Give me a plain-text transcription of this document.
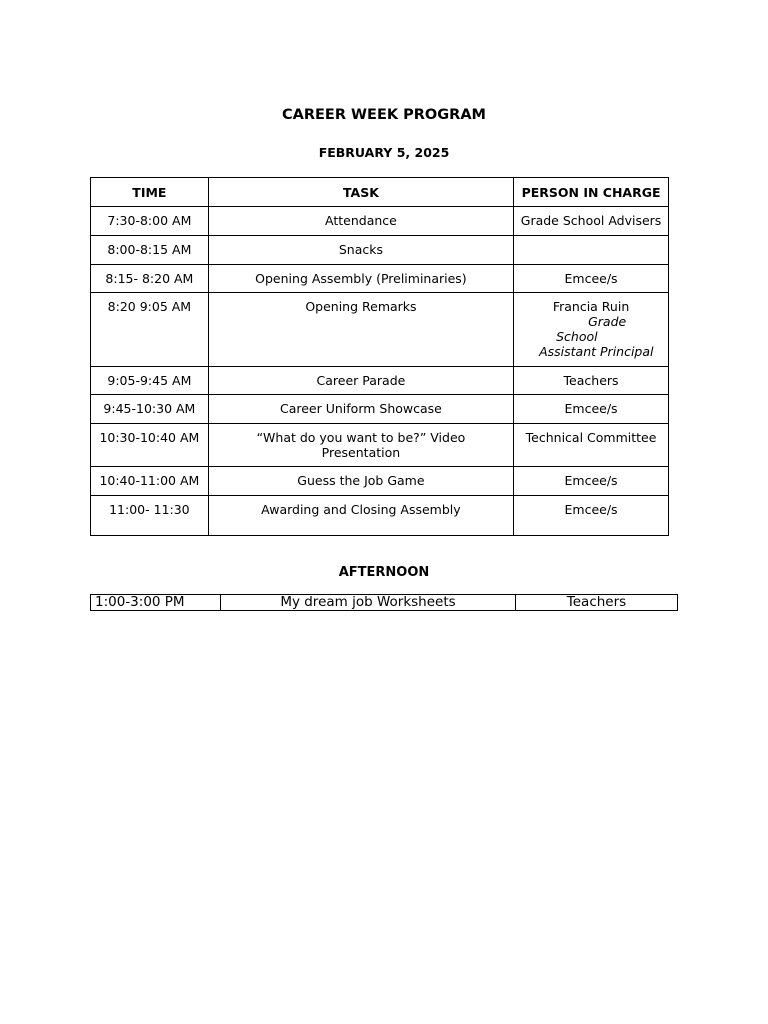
CAREER WEEK PROGRAM
FEBRUARY 5, 2025
TIME	TASK	PERSON IN CHARGE
7:30-8:00 AM	Attendance	Grade School Advisers
8:00-8:15 AM	Snacks	
8:15- 8:20 AM	Opening Assembly (Preliminaries)	Emcee/s
8:20 9:05 AM	Opening Remarks	Francia Ruin
Grade
School
Assistant Principal

9:05-9:45 AM	Career Parade	Teachers
9:45-10:30 AM	Career Uniform Showcase	Emcee/s
10:30-10:40 AM	“What do you want to be?” Video
Presentation	Technical Committee
10:40-11:00 AM	Guess the Job Game	Emcee/s
11:00- 11:30	Awarding and Closing Assembly	Emcee/s
AFTERNOON
1:00-3:00 PM	My dream job Worksheets	Teachers
